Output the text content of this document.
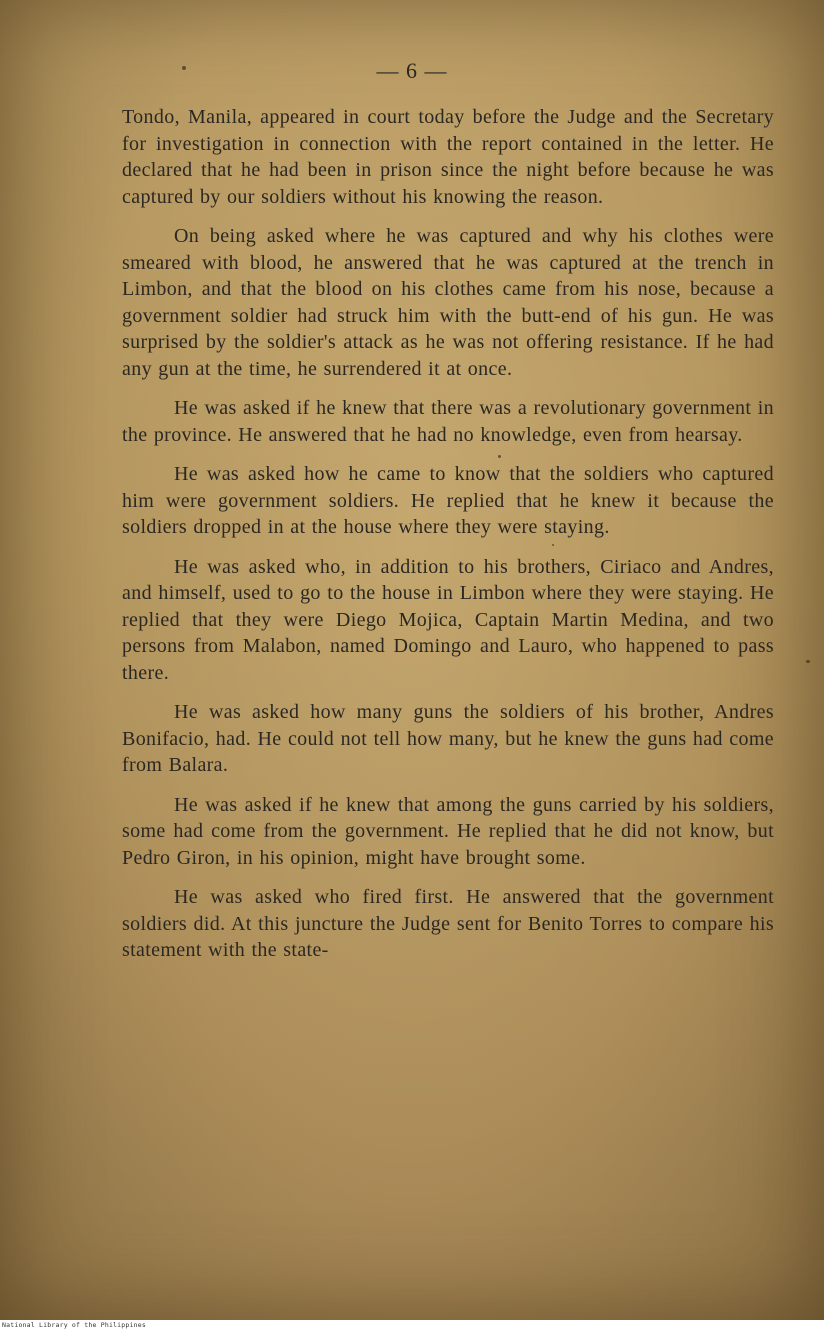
— 6 —

Tondo, Manila, appeared in court today before the Judge and the Secretary for investigation in connection with the report contained in the letter. He declared that he had been in prison since the night before because he was captured by our soldiers without his knowing the reason.

On being asked where he was captured and why his clothes were smeared with blood, he answered that he was captured at the trench in Limbon, and that the blood on his clothes came from his nose, because a government soldier had struck him with the butt-end of his gun. He was surprised by the soldier's attack as he was not offering resistance. If he had any gun at the time, he surrendered it at once.

He was asked if he knew that there was a revolutionary government in the province. He answered that he had no knowledge, even from hearsay.

He was asked how he came to know that the soldiers who captured him were government soldiers. He replied that he knew it because the soldiers dropped in at the house where they were staying.

He was asked who, in addition to his brothers, Ciriaco and Andres, and himself, used to go to the house in Limbon where they were staying. He replied that they were Diego Mojica, Captain Martin Medina, and two persons from Malabon, named Domingo and Lauro, who happened to pass there.

He was asked how many guns the soldiers of his brother, Andres Bonifacio, had. He could not tell how many, but he knew the guns had come from Balara.

He was asked if he knew that among the guns carried by his soldiers, some had come from the government. He replied that he did not know, but Pedro Giron, in his opinion, might have brought some.

He was asked who fired first. He answered that the government soldiers did. At this juncture the Judge sent for Benito Torres to compare his statement with the state-

National Library of the Philippines
